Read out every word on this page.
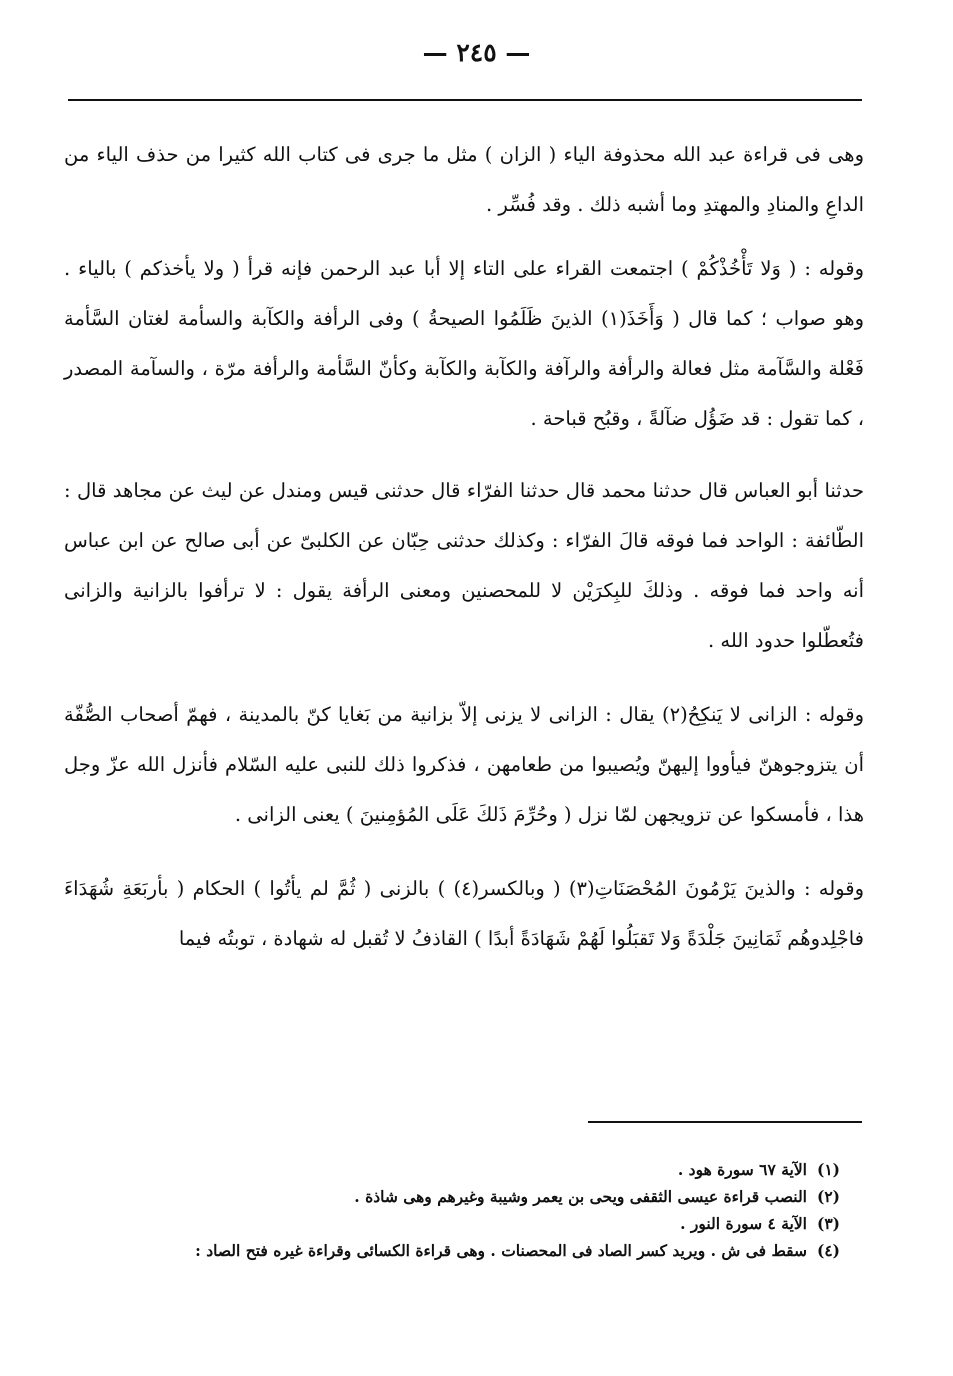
— ٢٤٥ —

وهى فى قراءة عبد الله محذوفة الياء ( الزان ) مثل ما جرى فى كتاب الله كثيرا من حذف الياء من الداعِ والمنادِ والمهتدِ وما أشبه ذلك . وقد فُسِّر .

وقوله : ( وَلا تَأْخُذْكُمْ ) اجتمعت القراء على التاء إلا أبا عبد الرحمن فإنه قرأ ( ولا يأخذكم ) بالياء . وهو صواب ؛ كما قال ( وَأَخَذَ(١) الذينَ ظَلَمُوا الصيحةُ ) وفى الرأفة والكآبة والسأمة لغتان السَّأمة فَعْلة والسَّآمة مثل فعالة والرأفة والرآفة والكآبة والكآبة وكأنّ السَّأمة والرأفة مرّة ، والسآمة المصدر ، كما تقول : قد ضَؤُل ضآلةً ، وقبُح قباحة .

حدثنا أبو العباس قال حدثنا محمد قال حدثنا الفرّاء قال حدثنى قيس ومندل عن ليث عن مجاهد قال : الطّائفة : الواحد فما فوقه قالَ الفرّاء : وكذلك حدثنى حِبّان عن الكلبىّ عن أبى صالح عن ابن عباس أنه واحد فما فوقه . وذلكَ للبِكرَيْن لا للمحصنين ومعنى الرأفة يقول : لا ترأفوا بالزانية والزانى فتُعطّلوا حدود الله .

وقوله : الزانى لا يَنكِحُ(٢) يقال : الزانى لا يزنى إلاّ بزانية من بَغايا كنّ بالمدينة ، فهمّ أصحاب الصُّفّة أن يتزوجوهنّ فيأووا إليهنّ ويُصيبوا من طعامهن ، فذكروا ذلك للنبى عليه السّلام فأنزل الله عزّ وجل هذا ، فأمسكوا عن تزويجهن لمّا نزل ( وحُرِّمَ ذَلكَ عَلَى المُؤمِنينَ ) يعنى الزانى .

وقوله : والذينَ يَرْمُونَ المُحْصَنَاتِ(٣) ( وبالكسر(٤) ) بالزنى ( ثُمَّ لم يأتُوا ) الحكام ( بأربَعَةِ شُهَدَاءَ فاجْلِدوهُم ثَمَانِينَ جَلْدَةً وَلا تَقبَلُوا لَهُمْ شَهَادَةً أبدًا ) القاذفُ لا تُقبل له شهادة ، توبتُه فيما

(١)الآية ٦٧ سورة هود .
(٢)النصب قراءة عيسى الثقفى ويحى بن يعمر وشيبة وغيرهم وهى شاذة .
(٣)الآية ٤ سورة النور .
(٤)سقط فى ش . ويريد كسر الصاد فى المحصنات . وهى قراءة الكسائى وقراءة غيره فتح الصاد :
